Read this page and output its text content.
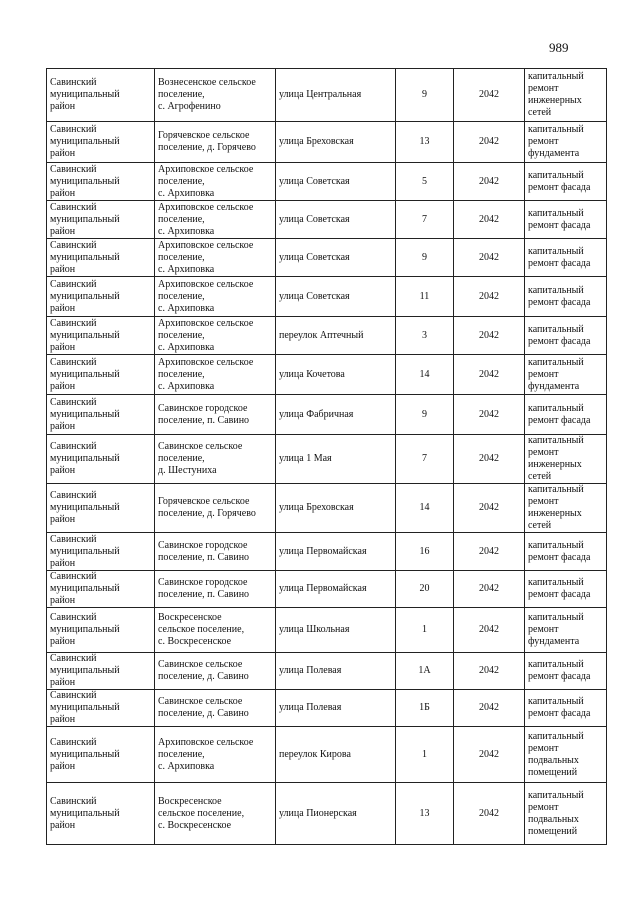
989
Савинский
муниципальный
район	Вознесенское сельское
поселение,
с. Агрофенино	улица Центральная	9	2042	капитальный
ремонт
инженерных
сетей

Савинский
муниципальный
район	Горячевское сельское
поселение, д. Горячево	улица Бреховская	13	2042	капитальный
ремонт
фундамента

Савинский
муниципальный
район	Архиповское сельское
поселение,
с. Архиповка	улица Советская	5	2042	капитальный
ремонт фасада

Савинский
муниципальный
район	Архиповское сельское
поселение,
с. Архиповка	улица Советская	7	2042	капитальный
ремонт фасада

Савинский
муниципальный
район	Архиповское сельское
поселение,
с. Архиповка	улица Советская	9	2042	капитальный
ремонт фасада

Савинский
муниципальный
район	Архиповское сельское
поселение,
с. Архиповка	улица Советская	11	2042	капитальный
ремонт фасада

Савинский
муниципальный
район	Архиповское сельское
поселение,
с. Архиповка	переулок Аптечный	3	2042	капитальный
ремонт фасада

Савинский
муниципальный
район	Архиповское сельское
поселение,
с. Архиповка	улица Кочетова	14	2042	капитальный
ремонт
фундамента

Савинский
муниципальный
район	Савинское городское
поселение, п. Савино	улица Фабричная	9	2042	капитальный
ремонт фасада

Савинский
муниципальный
район	Савинское сельское
поселение,
д. Шестуниха	улица 1 Мая	7	2042	капитальный
ремонт
инженерных
сетей

Савинский
муниципальный
район	Горячевское сельское
поселение, д. Горячево	улица Бреховская	14	2042	капитальный
ремонт
инженерных
сетей

Савинский
муниципальный
район	Савинское городское
поселение, п. Савино	улица Первомайская	16	2042	капитальный
ремонт фасада

Савинский
муниципальный
район	Савинское городское
поселение, п. Савино	улица Первомайская	20	2042	капитальный
ремонт фасада

Савинский
муниципальный
район	Воскресенское
сельское поселение,
с. Воскресенское	улица Школьная	1	2042	капитальный
ремонт
фундамента

Савинский
муниципальный
район	Савинское сельское
поселение, д. Савино	улица Полевая	1А	2042	капитальный
ремонт фасада

Савинский
муниципальный
район	Савинское сельское
поселение, д. Савино	улица Полевая	1Б	2042	капитальный
ремонт фасада

Савинский
муниципальный
район	Архиповское сельское
поселение,
с. Архиповка	переулок Кирова	1	2042	капитальный
ремонт
подвальных
помещений

Савинский
муниципальный
район	Воскресенское
сельское поселение,
с. Воскресенское	улица Пионерская	13	2042	капитальный
ремонт
подвальных
помещений
